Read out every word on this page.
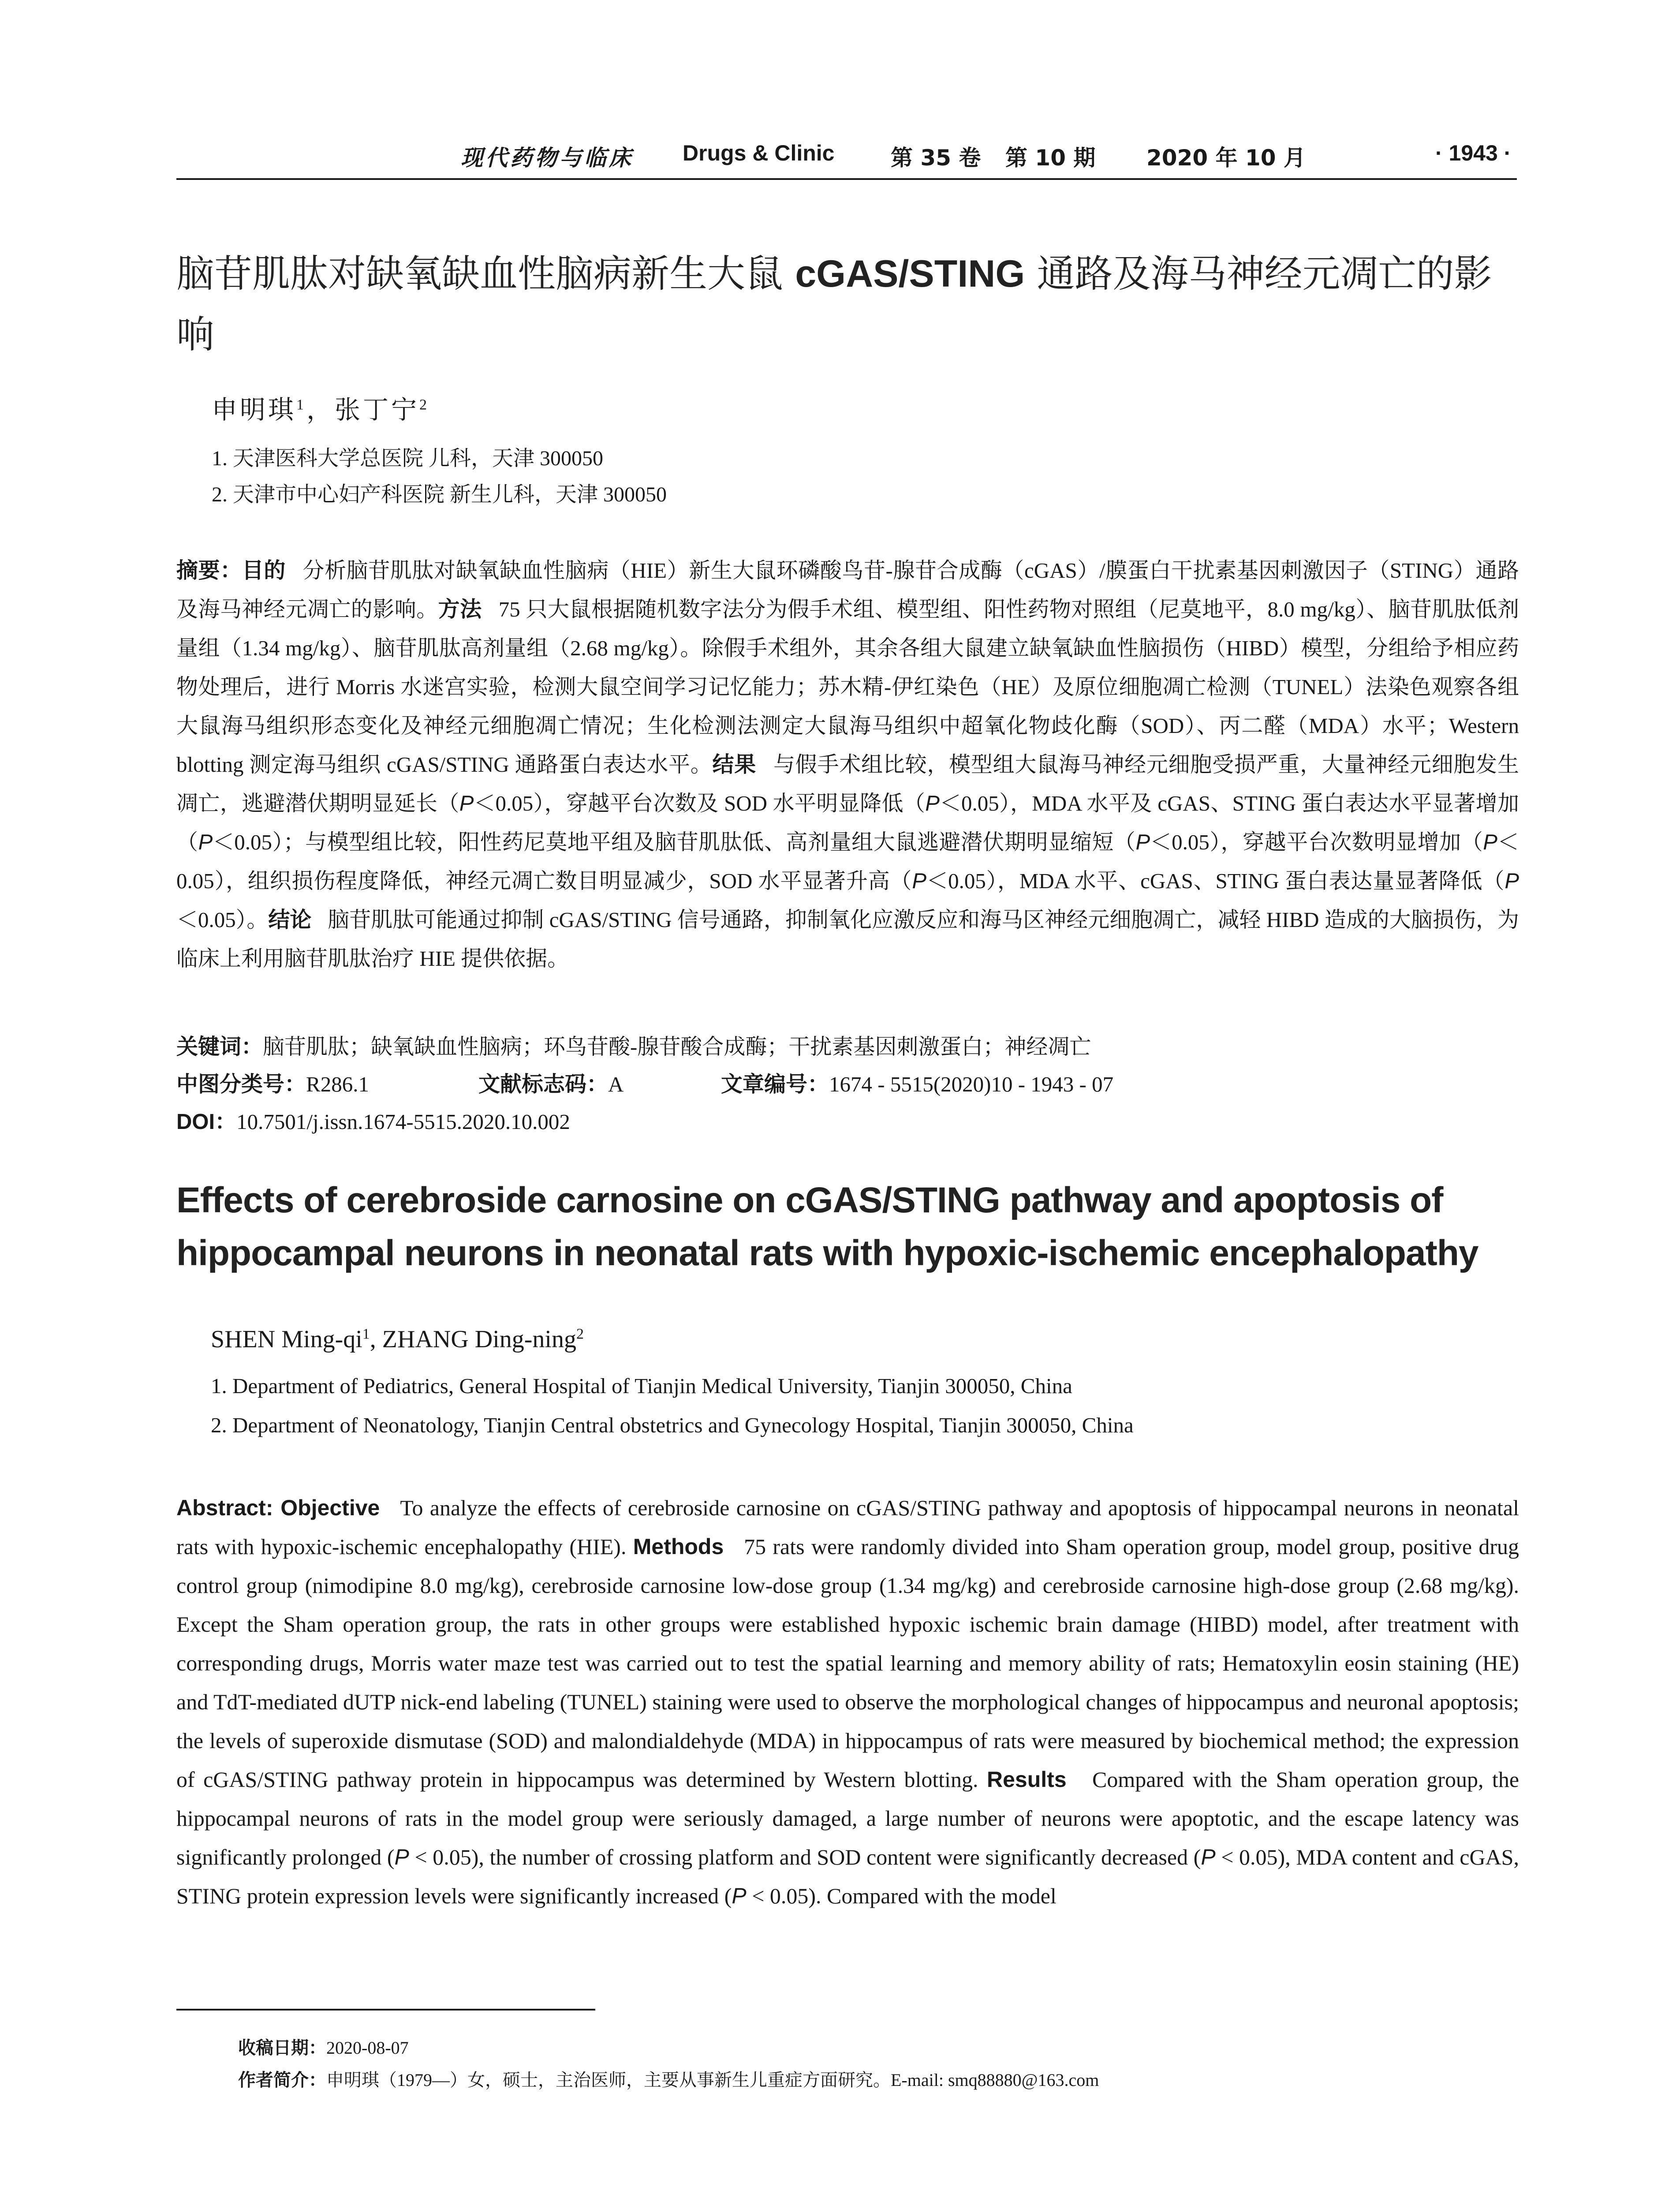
现代药物与临床 Drugs & Clinic	第 35 卷 第 10 期 2020 年 10 月	· 1943 ·
脑苷肌肽对缺氧缺血性脑病新生大鼠 cGAS/STING 通路及海马神经元凋亡的影响
申明琪$^1$，张丁宁$^2$
1. 天津医科大学总医院 儿科，天津 300050
2. 天津市中心妇产科医院 新生儿科，天津 300050
摘要：目的 分析脑苷肌肽对缺氧缺血性脑病（HIE）新生大鼠环磷酸鸟苷-腺苷合成酶（cGAS）/膜蛋白干扰素基因刺激因子（STING）通路及海马神经元凋亡的影响。方法 75 只大鼠根据随机数字法分为假手术组、模型组、阳性药物对照组（尼莫地平，8.0 mg/kg）、脑苷肌肽低剂量组（1.34 mg/kg）、脑苷肌肽高剂量组（2.68 mg/kg）。除假手术组外，其余各组大鼠建立缺氧缺血性脑损伤（HIBD）模型，分组给予相应药物处理后，进行 Morris 水迷宫实验，检测大鼠空间学习记忆能力；苏木精-伊红染色（HE）及原位细胞凋亡检测（TUNEL）法染色观察各组大鼠海马组织形态变化及神经元细胞凋亡情况；生化检测法测定大鼠海马组织中超氧化物歧化酶（SOD）、丙二醛（MDA）水平；Western blotting 测定海马组织 cGAS/STING 通路蛋白表达水平。结果 与假手术组比较，模型组大鼠海马神经元细胞受损严重，大量神经元细胞发生凋亡，逃避潜伏期明显延长（P＜0.05），穿越平台次数及 SOD 水平明显降低（P＜0.05），MDA 水平及 cGAS、STING 蛋白表达水平显著增加（P＜0.05）；与模型组比较，阳性药尼莫地平组及脑苷肌肽低、高剂量组大鼠逃避潜伏期明显缩短（P＜0.05），穿越平台次数明显增加（P＜0.05），组织损伤程度降低，神经元凋亡数目明显减少，SOD 水平显著升高（P＜0.05），MDA 水平、cGAS、STING 蛋白表达量显著降低（P＜0.05）。结论 脑苷肌肽可能通过抑制 cGAS/STING 信号通路，抑制氧化应激反应和海马区神经元细胞凋亡，减轻 HIBD 造成的大脑损伤，为临床上利用脑苷肌肽治疗 HIE 提供依据。
关键词：脑苷肌肽；缺氧缺血性脑病；环鸟苷酸-腺苷酸合成酶；干扰素基因刺激蛋白；神经凋亡
中图分类号：R286.1	文献标志码：A	文章编号：1674 - 5515(2020)10 - 1943 - 07
DOI：10.7501/j.issn.1674-5515.2020.10.002
Effects of cerebroside carnosine on cGAS/STING pathway and apoptosis of hippocampal neurons in neonatal rats with hypoxic-ischemic encephalopathy
SHEN Ming-$qi^1$, ZHANG Ding-ning$^2$
1. Department of Pediatrics, General Hospital of Tianjin Medical University, Tianjin 300050, China
2. Department of Neonatology, Tianjin Central obstetrics and Gynecology Hospital, Tianjin 300050, China
Abstract: Objective To analyze the effects of cerebroside carnosine on cGAS/STING pathway and apoptosis of hippocampal neurons in neonatal rats with hypoxic-ischemic encephalopathy (HIE). Methods 75 rats were randomly divided into Sham operation group, model group, positive drug control group (nimodipine 8.0 mg/kg), cerebroside carnosine low-dose group (1.34 mg/kg) and cerebroside carnosine high-dose group (2.68 mg/kg). Except the Sham operation group, the rats in other groups were established hypoxic ischemic brain damage (HIBD) model, after treatment with corresponding drugs, Morris water maze test was carried out to test the spatial learning and memory ability of rats; Hematoxylin eosin staining (HE) and TdT-mediated dUTP nick-end labeling (TUNEL) staining were used to observe the morphological changes of hippocampus and neuronal apoptosis; the levels of superoxide dismutase (SOD) and malondialdehyde (MDA) in hippocampus of rats were measured by biochemical method; the expression of cGAS/STING pathway protein in hippocampus was determined by Western blotting. Results Compared with the Sham operation group, the hippocampal neurons of rats in the model group were seriously damaged, a large number of neurons were apoptotic, and the escape latency was significantly prolonged (P < 0.05), the number of crossing platform and SOD content were significantly decreased (P < 0.05), MDA content and cGAS, STING protein expression levels were significantly increased (P < 0.05). Compared with the model
收稿日期：2020-08-07
作者简介：申明琪（1979—）女，硕士，主治医师，主要从事新生儿重症方面研究。E-mail: smq88880@163.com
